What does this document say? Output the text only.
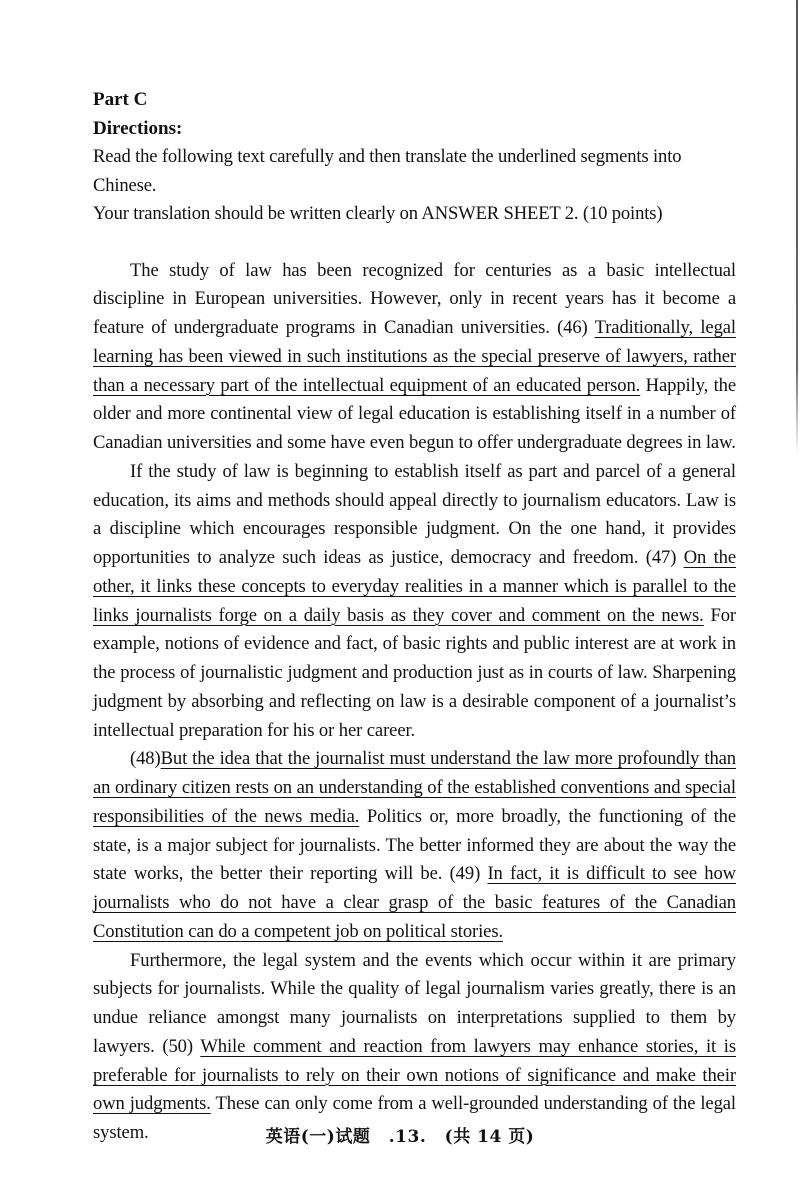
Part C
Directions:

Read the following text carefully and then translate the underlined segments into Chinese.

Your translation should be written clearly on ANSWER SHEET 2. (10 points)

The study of law has been recognized for centuries as a basic intellectual discipline in European universities. However, only in recent years has it become a feature of undergraduate programs in Canadian universities. (46) Traditionally, legal learning has been viewed in such institutions as the special preserve of lawyers, rather than a necessary part of the intellectual equipment of an educated person. Happily, the older and more continental view of legal education is establishing itself in a number of Canadian universities and some have even begun to offer undergraduate degrees in law.

If the study of law is beginning to establish itself as part and parcel of a general education, its aims and methods should appeal directly to journalism educators. Law is a discipline which encourages responsible judgment. On the one hand, it provides opportunities to analyze such ideas as justice, democracy and freedom. (47) On the other, it links these concepts to everyday realities in a manner which is parallel to the links journalists forge on a daily basis as they cover and comment on the news. For example, notions of evidence and fact, of basic rights and public interest are at work in the process of journalistic judgment and production just as in courts of law. Sharpening judgment by absorbing and reflecting on law is a desirable component of a journalist’s intellectual preparation for his or her career.

(48)But the idea that the journalist must understand the law more profoundly than an ordinary citizen rests on an understanding of the established conventions and special responsibilities of the news media. Politics or, more broadly, the functioning of the state, is a major subject for journalists. The better informed they are about the way the state works, the better their reporting will be. (49) In fact, it is difficult to see how journalists who do not have a clear grasp of the basic features of the Canadian Constitution can do a competent job on political stories.

Furthermore, the legal system and the events which occur within it are primary subjects for journalists. While the quality of legal journalism varies greatly, there is an undue reliance amongst many journalists on interpretations supplied to them by lawyers. (50) While comment and reaction from lawyers may enhance stories, it is preferable for journalists to rely on their own notions of significance and make their own judgments. These can only come from a well-grounded understanding of the legal system.	英语(一)试题 .13. (共 14 页)
